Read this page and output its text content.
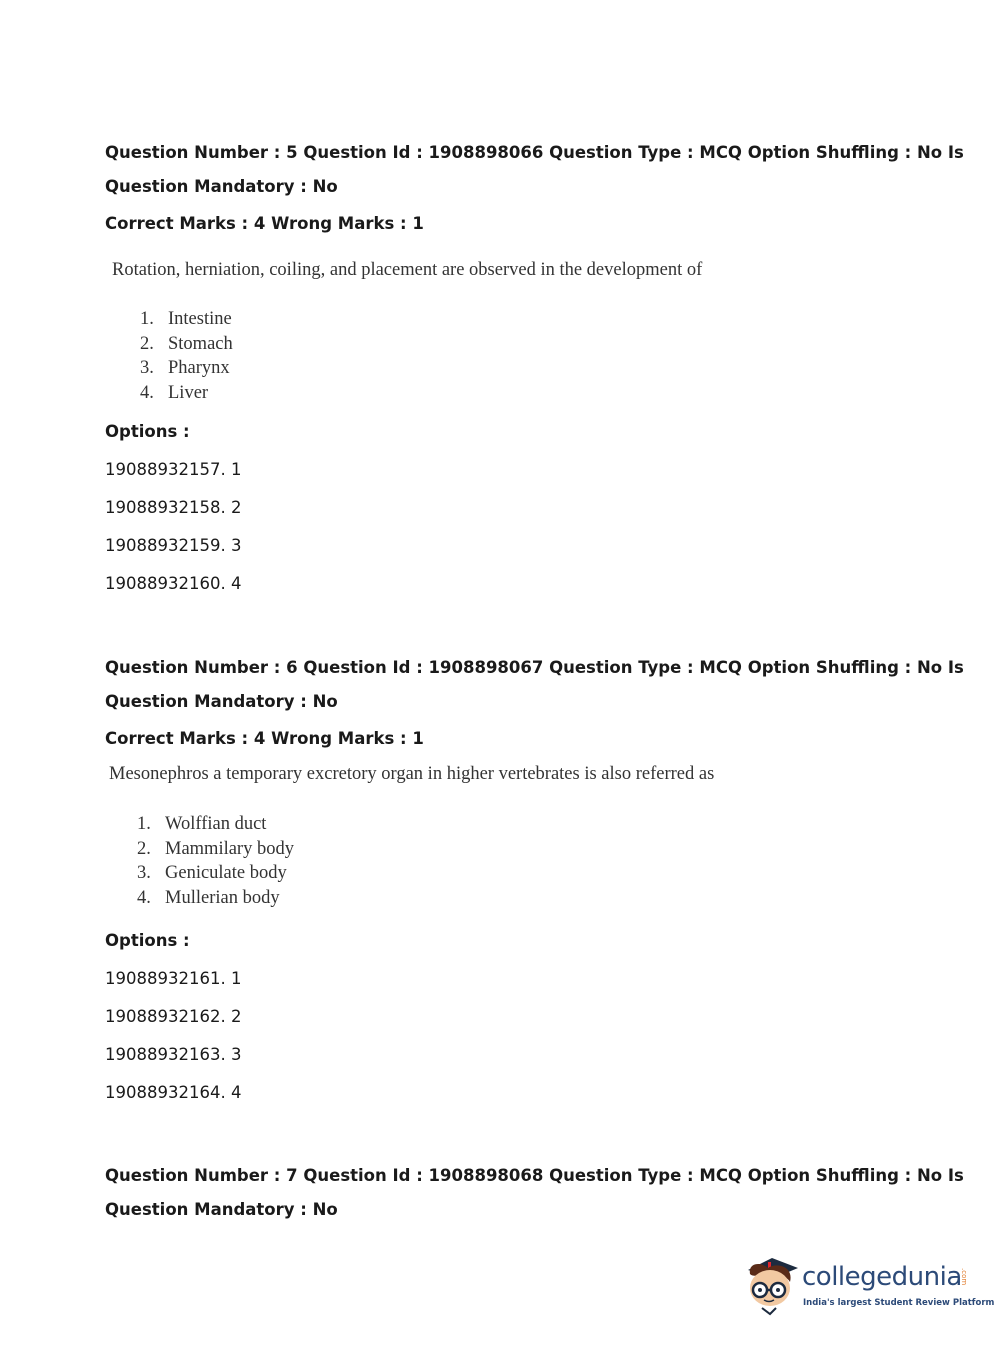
Question Number : 5 Question Id : 1908898066 Question Type : MCQ Option Shuffling : No Is
Question Mandatory : No
Correct Marks : 4 Wrong Marks : 1
Rotation, herniation, coiling, and placement are observed in the development of
1. Intestine
2. Stomach
3. Pharynx
4. Liver
Options :
19088932157. 1
19088932158. 2
19088932159. 3
19088932160. 4
Question Number : 6 Question Id : 1908898067 Question Type : MCQ Option Shuffling : No Is
Question Mandatory : No
Correct Marks : 4 Wrong Marks : 1
Mesonephros a temporary excretory organ in higher vertebrates is also referred as
1. Wolffian duct
2. Mammilary body
3. Geniculate body
4. Mullerian body
Options :
19088932161. 1
19088932162. 2
19088932163. 3
19088932164. 4
Question Number : 7 Question Id : 1908898068 Question Type : MCQ Option Shuffling : No Is
Question Mandatory : No
collegedunia
.com
India's largest Student Review Platform
